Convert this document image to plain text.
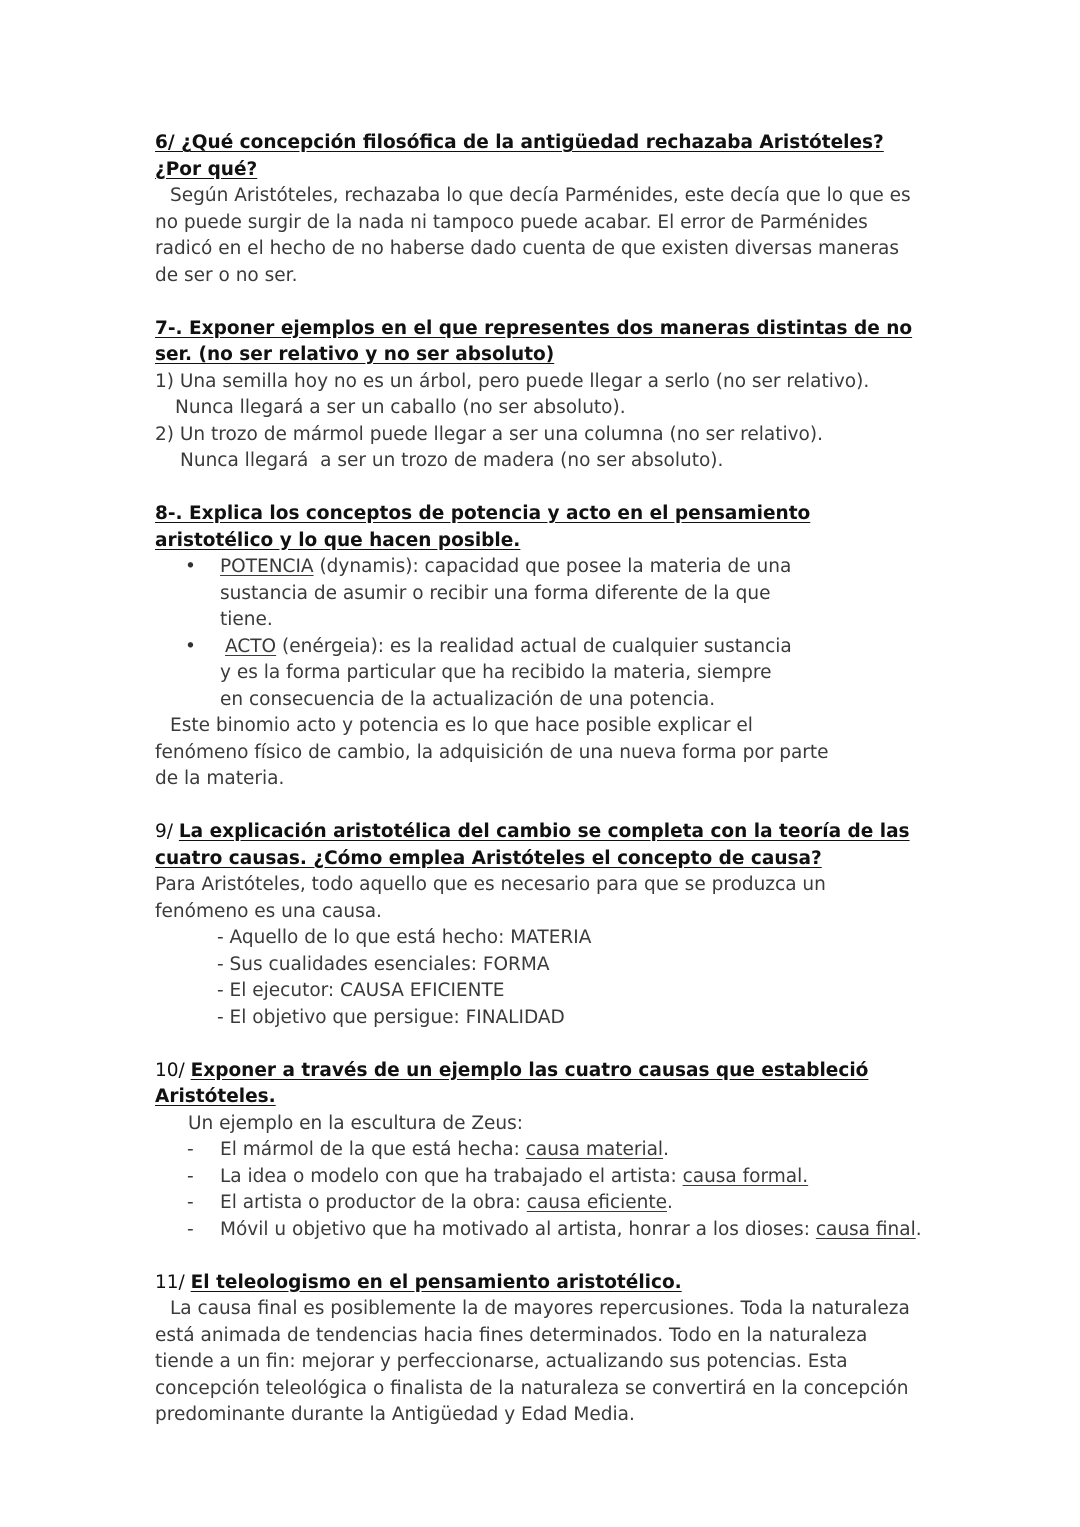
6/ ¿Qué concepción filosófica de la antigüedad rechazaba Aristóteles? ¿Por qué?

Según Aristóteles, rechazaba lo que decía Parménides, este decía que lo que es no puede surgir de la nada ni tampoco puede acabar. El error de Parménides radicó en el hecho de no haberse dado cuenta de que existen diversas maneras de ser o no ser.

7-. Exponer ejemplos en el que representes dos maneras distintas de no ser. (no ser relativo y no ser absoluto)

1) Una semilla hoy no es un árbol, pero puede llegar a serlo (no ser relativo).

Nunca llegará a ser un caballo (no ser absoluto).

2) Un trozo de mármol puede llegar a ser una columna (no ser relativo).

Nunca llegará  a ser un trozo de madera (no ser absoluto).

8-. Explica los conceptos de potencia y acto en el pensamiento aristotélico y lo que hacen posible.

• POTENCIA (dynamis): capacidad que posee la materia de una sustancia de asumir o recibir una forma diferente de la que tiene.
• ACTO (enérgeia): es la realidad actual de cualquier sustancia y es la forma particular que ha recibido la materia, siempre en consecuencia de la actualización de una potencia.

Este binomio acto y potencia es lo que hace posible explicar el fenómeno físico de cambio, la adquisición de una nueva forma por parte de la materia.

9/ La explicación aristotélica del cambio se completa con la teoría de las cuatro causas. ¿Cómo emplea Aristóteles el concepto de causa?

Para Aristóteles, todo aquello que es necesario para que se produzca un fenómeno es una causa.

- Aquello de lo que está hecho: MATERIA

- Sus cualidades esenciales: FORMA

- El ejecutor: CAUSA EFICIENTE

- El objetivo que persigue: FINALIDAD

10/ Exponer a través de un ejemplo las cuatro causas que estableció Aristóteles.

Un ejemplo en la escultura de Zeus:

- El mármol de la que está hecha: causa material.
- La idea o modelo con que ha trabajado el artista: causa formal.
- El artista o productor de la obra: causa eficiente.
- Móvil u objetivo que ha motivado al artista, honrar a los dioses: causa final.

11/ El teleologismo en el pensamiento aristotélico.

La causa final es posiblemente la de mayores repercusiones. Toda la naturaleza está animada de tendencias hacia fines determinados. Todo en la naturaleza tiende a un fin: mejorar y perfeccionarse, actualizando sus potencias. Esta concepción teleológica o finalista de la naturaleza se convertirá en la concepción predominante durante la Antigüedad y Edad Media.
